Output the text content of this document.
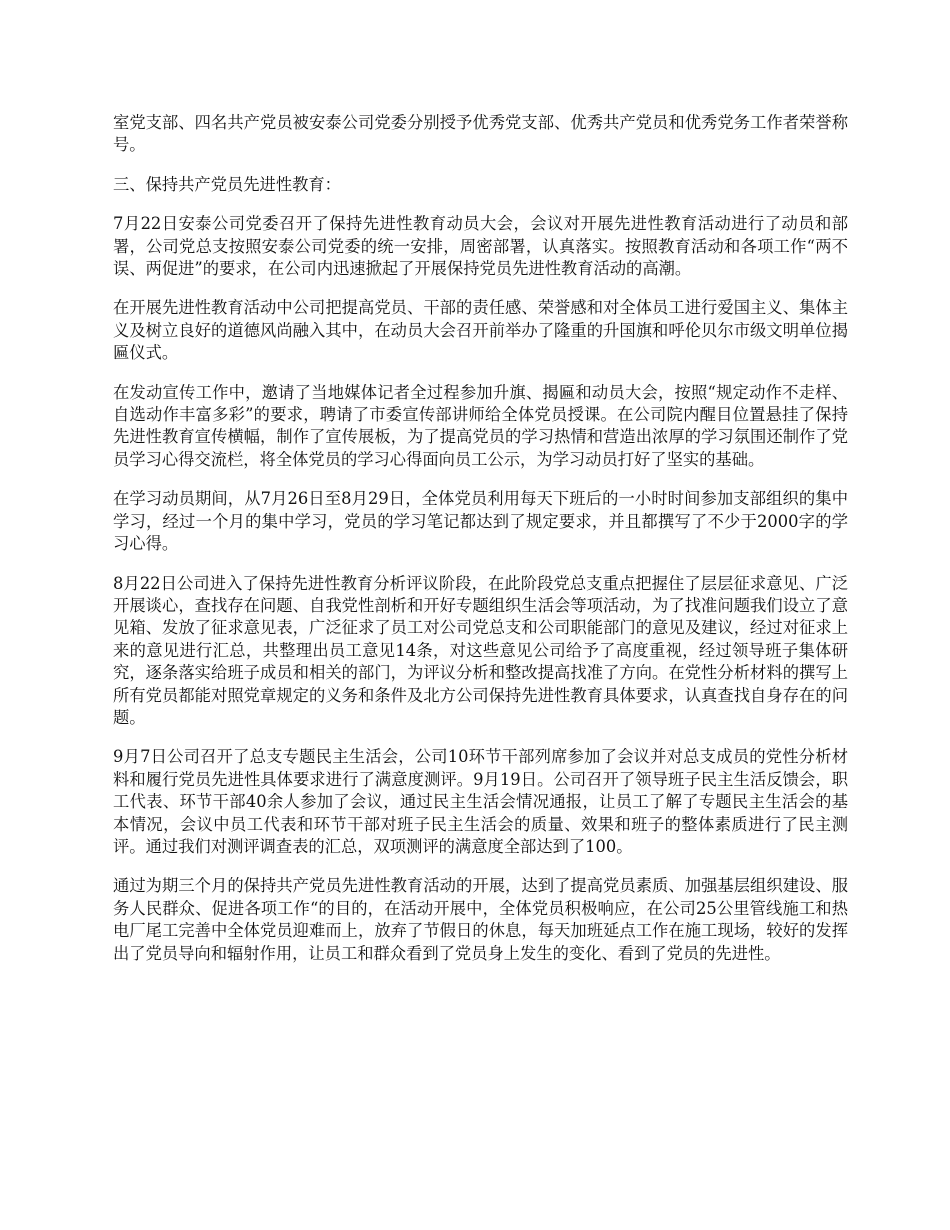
室党支部、四名共产党员被安泰公司党委分别授予优秀党支部、优秀共产党员和优秀党务工作者荣誉称号。

三、保持共产党员先进性教育：

7月22日安泰公司党委召开了保持先进性教育动员大会，会议对开展先进性教育活动进行了动员和部署，公司党总支按照安泰公司党委的统一安排，周密部署，认真落实。按照教育活动和各项工作“两不误、两促进”的要求，在公司内迅速掀起了开展保持党员先进性教育活动的高潮。

在开展先进性教育活动中公司把提高党员、干部的责任感、荣誉感和对全体员工进行爱国主义、集体主义及树立良好的道德风尚融入其中，在动员大会召开前举办了隆重的升国旗和呼伦贝尔市级文明单位揭匾仪式。

在发动宣传工作中，邀请了当地媒体记者全过程参加升旗、揭匾和动员大会，按照“规定动作不走样、自选动作丰富多彩”的要求，聘请了市委宣传部讲师给全体党员授课。在公司院内醒目位置悬挂了保持先进性教育宣传横幅，制作了宣传展板，为了提高党员的学习热情和营造出浓厚的学习氛围还制作了党员学习心得交流栏，将全体党员的学习心得面向员工公示，为学习动员打好了坚实的基础。

在学习动员期间，从7月26日至8月29日，全体党员利用每天下班后的一小时时间参加支部组织的集中学习，经过一个月的集中学习，党员的学习笔记都达到了规定要求，并且都撰写了不少于2000字的学习心得。

8月22日公司进入了保持先进性教育分析评议阶段，在此阶段党总支重点把握住了层层征求意见、广泛开展谈心，查找存在问题、自我党性剖析和开好专题组织生活会等项活动，为了找准问题我们设立了意见箱、发放了征求意见表，广泛征求了员工对公司党总支和公司职能部门的意见及建议，经过对征求上来的意见进行汇总，共整理出员工意见14条，对这些意见公司给予了高度重视，经过领导班子集体研究，逐条落实给班子成员和相关的部门，为评议分析和整改提高找准了方向。在党性分析材料的撰写上所有党员都能对照党章规定的义务和条件及北方公司保持先进性教育具体要求，认真查找自身存在的问题。

9月7日公司召开了总支专题民主生活会，公司10环节干部列席参加了会议并对总支成员的党性分析材料和履行党员先进性具体要求进行了满意度测评。9月19日。公司召开了领导班子民主生活反馈会，职工代表、环节干部40余人参加了会议，通过民主生活会情况通报，让员工了解了专题民主生活会的基本情况，会议中员工代表和环节干部对班子民主生活会的质量、效果和班子的整体素质进行了民主测评。通过我们对测评调查表的汇总，双项测评的满意度全部达到了100。

通过为期三个月的保持共产党员先进性教育活动的开展，达到了提高党员素质、加强基层组织建设、服务人民群众、促进各项工作“的目的，在活动开展中，全体党员积极响应，在公司25公里管线施工和热电厂尾工完善中全体党员迎难而上，放弃了节假日的休息，每天加班延点工作在施工现场，较好的发挥出了党员导向和辐射作用，让员工和群众看到了党员身上发生的变化、看到了党员的先进性。
